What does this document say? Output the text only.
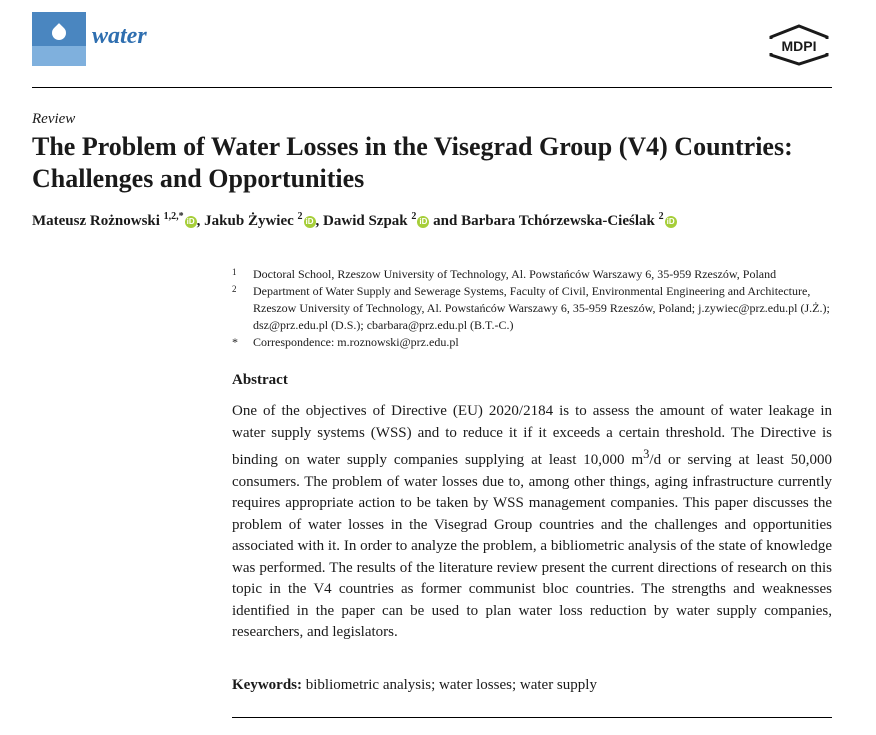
water	MDPI
Review
The Problem of Water Losses in the Visegrad Group (V4) Countries: Challenges and Opportunities
Mateusz Rożnowski $^{1,2,*}$ iD , Jakub Żywiec $^2$ iD , Dawid Szpak $^2$ iD and Barbara Tchórzewska-Cieślak $^2$ iD
1 Doctoral School, Rzeszow University of Technology, Al. Powstańców Warszawy 6, 35-959 Rzeszów, Poland
2 Department of Water Supply and Sewerage Systems, Faculty of Civil, Environmental Engineering and Architecture, Rzeszow University of Technology, Al. Powstańców Warszawy 6, 35-959 Rzeszów, Poland; j.zywiec@prz.edu.pl (J.Ż.); dsz@prz.edu.pl (D.S.); cbarbara@prz.edu.pl (B.T.-C.)
* Correspondence: m.roznowski@prz.edu.pl
Abstract
One of the objectives of Directive (EU) 2020/2184 is to assess the amount of water leakage in water supply systems (WSS) and to reduce it if it exceeds a certain threshold. The Directive is binding on water supply companies supplying at least 10,000 $m^3/d$ or serving at least 50,000 consumers. The problem of water losses due to, among other things, aging infrastructure currently requires appropriate action to be taken by WSS management companies. This paper discusses the problem of water losses in the Visegrad Group countries and the challenges and opportunities associated with it. In order to analyze the problem, a bibliometric analysis of the state of knowledge was performed. The results of the literature review present the current directions of research on this topic in the V4 countries as former communist bloc countries. The strengths and weaknesses identified in the paper can be used to plan water loss reduction by water supply companies, researchers, and legislators.
Keywords: bibliometric analysis; water losses; water supply
